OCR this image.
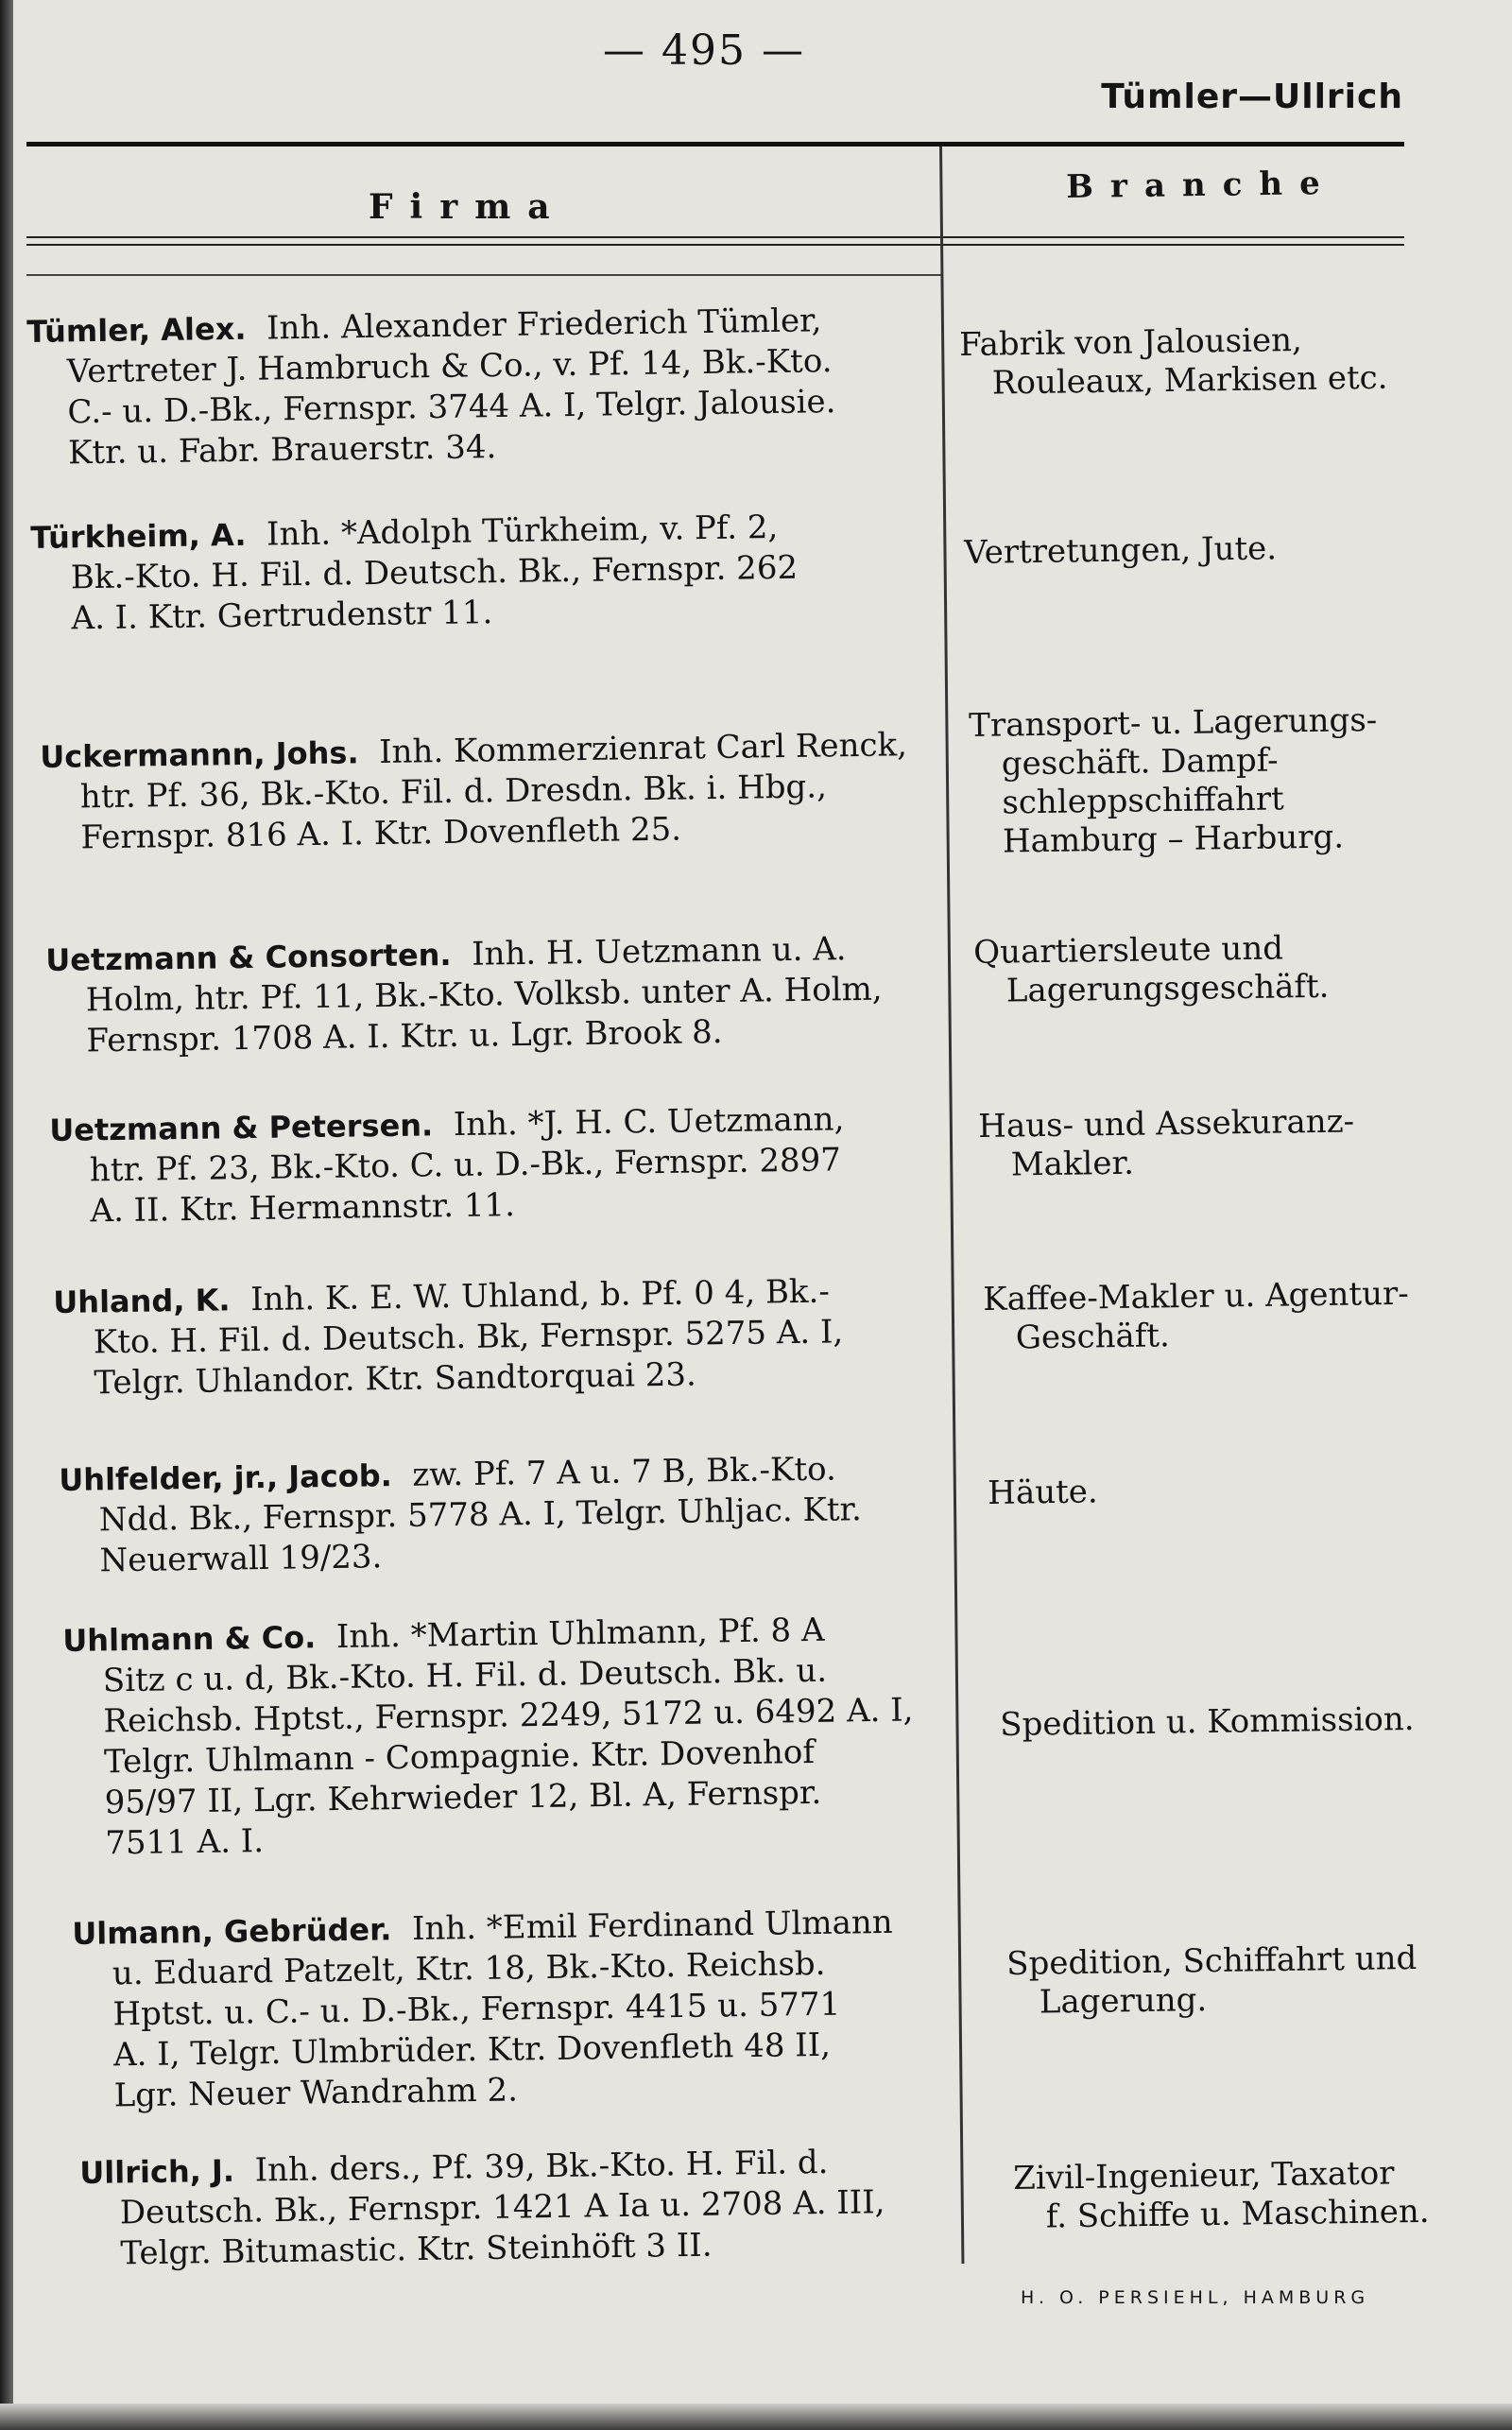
— 495 —
Tümler—Ullrich
Firma
Branche
Tümler, Alex. Inh. Alexander Friederich Tümler,
Vertreter J. Hambruch & Co., v. Pf. 14, Bk.-Kto.
C.- u. D.-Bk., Fernspr. 3744 A. I, Telgr. Jalousie.
Ktr. u. Fabr. Brauerstr. 34.
Fabrik von Jalousien,
Rouleaux, Markisen etc.
Türkheim, A. Inh. *Adolph Türkheim, v. Pf. 2,
Bk.-Kto. H. Fil. d. Deutsch. Bk., Fernspr. 262
A. I. Ktr. Gertrudenstr 11.
Vertretungen, Jute.
Uckermannn, Johs. Inh. Kommerzienrat Carl Renck,
htr. Pf. 36, Bk.-Kto. Fil. d. Dresdn. Bk. i. Hbg.,
Fernspr. 816 A. I. Ktr. Dovenfleth 25.
Transport- u. Lagerungs-
geschäft. Dampf-
schleppschiffahrt
Hamburg – Harburg.
Uetzmann & Consorten. Inh. H. Uetzmann u. A.
Holm, htr. Pf. 11, Bk.-Kto. Volksb. unter A. Holm,
Fernspr. 1708 A. I. Ktr. u. Lgr. Brook 8.
Quartiersleute und
Lagerungsgeschäft.
Uetzmann & Petersen. Inh. *J. H. C. Uetzmann,
htr. Pf. 23, Bk.-Kto. C. u. D.-Bk., Fernspr. 2897
A. II. Ktr. Hermannstr. 11.
Haus- und Assekuranz-
Makler.
Uhland, K. Inh. K. E. W. Uhland, b. Pf. 0 4, Bk.-
Kto. H. Fil. d. Deutsch. Bk, Fernspr. 5275 A. I,
Telgr. Uhlandor. Ktr. Sandtorquai 23.
Kaffee-Makler u. Agentur-
Geschäft.
Uhlfelder, jr., Jacob. zw. Pf. 7 A u. 7 B, Bk.-Kto.
Ndd. Bk., Fernspr. 5778 A. I, Telgr. Uhljac. Ktr.
Neuerwall 19/23.
Häute.
Uhlmann & Co. Inh. *Martin Uhlmann, Pf. 8 A
Sitz c u. d, Bk.-Kto. H. Fil. d. Deutsch. Bk. u.
Reichsb. Hptst., Fernspr. 2249, 5172 u. 6492 A. I,
Telgr. Uhlmann - Compagnie. Ktr. Dovenhof
95/97 II, Lgr. Kehrwieder 12, Bl. A, Fernspr.
7511 A. I.
Spedition u. Kommission.
Ulmann, Gebrüder. Inh. *Emil Ferdinand Ulmann
u. Eduard Patzelt, Ktr. 18, Bk.-Kto. Reichsb.
Hptst. u. C.- u. D.-Bk., Fernspr. 4415 u. 5771
A. I, Telgr. Ulmbrüder. Ktr. Dovenfleth 48 II,
Lgr. Neuer Wandrahm 2.
Spedition, Schiffahrt und
Lagerung.
Ullrich, J. Inh. ders., Pf. 39, Bk.-Kto. H. Fil. d.
Deutsch. Bk., Fernspr. 1421 A Ia u. 2708 A. III,
Telgr. Bitumastic. Ktr. Steinhöft 3 II.
Zivil-Ingenieur, Taxator
f. Schiffe u. Maschinen.
H. O. PERSIEHL, HAMBURG
